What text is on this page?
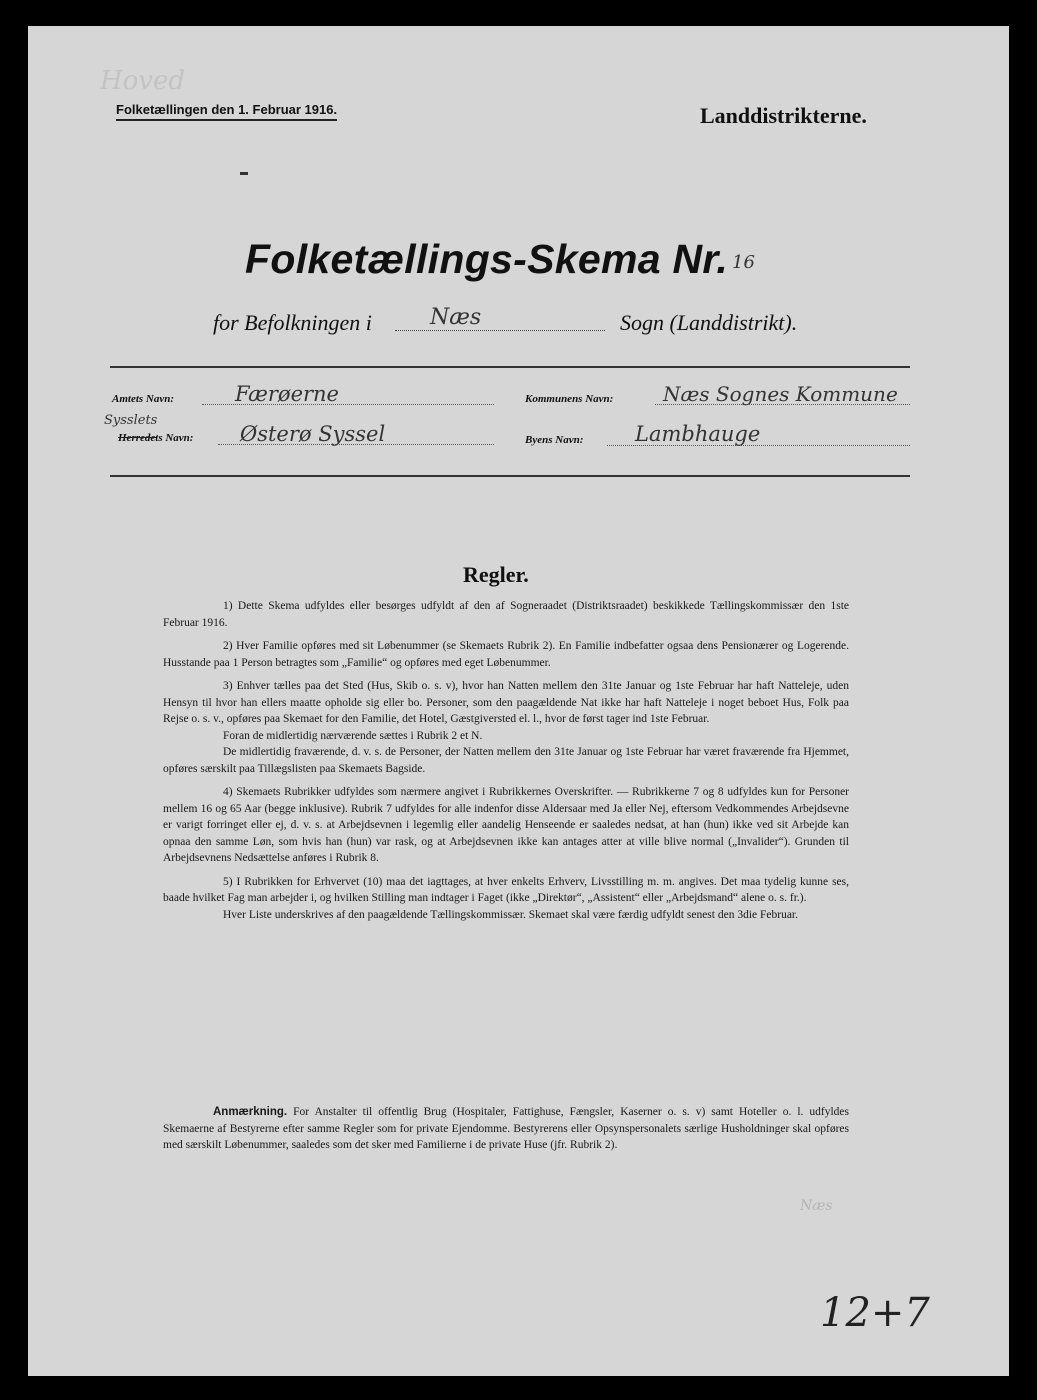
Hoved
Folketællingen den 1. Februar 1916.	Landdistrikterne.
Folketællings-Skema Nr. 16
for Befolkningen i	Næs	Sogn (Landdistrikt).
Amtets Navn:	Færøerne	Kommunens Navn: Næs Sognes Kommune
Sysslets
Herredets Navn: Østerø Syssel	Byens Navn: Lambhauge
Regler.

1) Dette Skema udfyldes eller besørges udfyldt af den af Sogneraadet (Distriktsraadet) beskikkede Tællingskommissær den 1ste Februar 1916.

2) Hver Familie opføres med sit Løbenummer (se Skemaets Rubrik 2). En Familie indbefatter ogsaa dens Pensionærer og Logerende. Husstande paa 1 Person betragtes som „Familie“ og opføres med eget Løbenummer.

3) Enhver tælles paa det Sted (Hus, Skib o. s. v), hvor han Natten mellem den 31te Januar og 1ste Februar har haft Natteleje, uden Hensyn til hvor han ellers maatte opholde sig eller bo. Personer, som den paagældende Nat ikke har haft Natteleje i noget beboet Hus, Folk paa Rejse o. s. v., opføres paa Skemaet for den Familie, det Hotel, Gæstgiversted el. l., hvor de først tager ind 1ste Februar.

Foran de midlertidig nærværende sættes i Rubrik 2 et N.

De midlertidig fraværende, d. v. s. de Personer, der Natten mellem den 31te Januar og 1ste Februar har været fraværende fra Hjemmet, opføres særskilt paa Tillægslisten paa Skemaets Bagside.

4) Skemaets Rubrikker udfyldes som nærmere angivet i Rubrikkernes Overskrifter. — Rubrikkerne 7 og 8 udfyldes kun for Personer mellem 16 og 65 Aar (begge inklusive). Rubrik 7 udfyldes for alle indenfor disse Aldersaar med Ja eller Nej, eftersom Vedkommendes Arbejdsevne er varigt forringet eller ej, d. v. s. at Arbejdsevnen i legemlig eller aandelig Henseende er saaledes nedsat, at han (hun) ikke ved sit Arbejde kan opnaa den samme Løn, som hvis han (hun) var rask, og at Arbejdsevnen ikke kan antages atter at ville blive normal („Invalider“). Grunden til Arbejdsevnens Nedsættelse anføres i Rubrik 8.

5) I Rubrikken for Erhvervet (10) maa det iagttages, at hver enkelts Erhverv, Livsstilling m. m. angives. Det maa tydelig kunne ses, baade hvilket Fag man arbejder i, og hvilken Stilling man indtager i Faget (ikke „Direktør“, „Assistent“ eller „Arbejdsmand“ alene o. s. fr.).

Hver Liste underskrives af den paagældende Tællingskommissær. Skemaet skal være færdig udfyldt senest den 3die Februar.

Anmærkning. For Anstalter til offentlig Brug (Hospitaler, Fattighuse, Fængsler, Kaserner o. s. v) samt Hoteller o. l. udfyldes Skemaerne af Bestyrerne efter samme Regler som for private Ejendomme. Bestyrerens eller Opsynspersonalets særlige Husholdninger skal opføres med særskilt Løbenummer, saaledes som det sker med Familierne i de private Huse (jfr. Rubrik 2).

Næs
12+7
